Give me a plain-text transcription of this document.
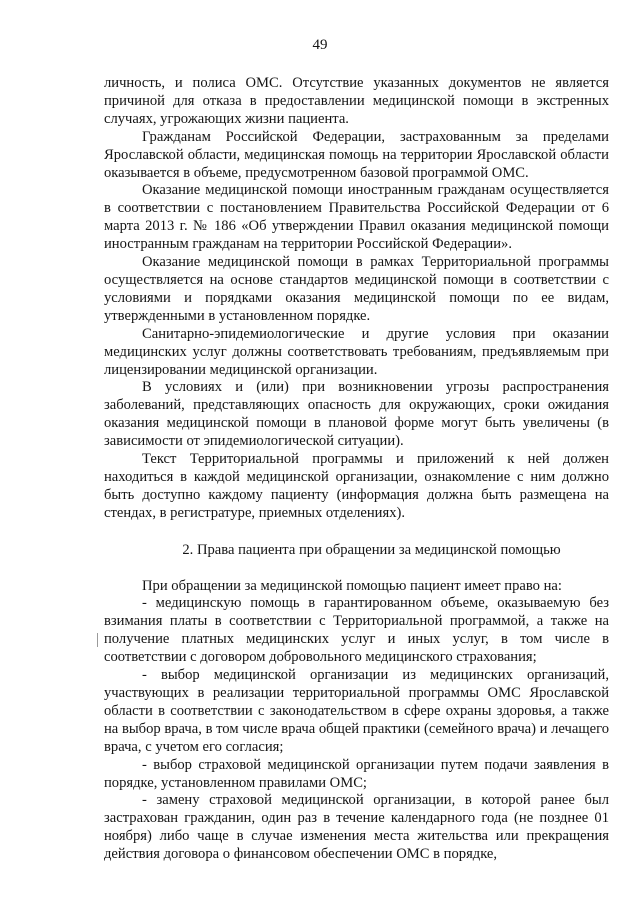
49

личность, и полиса ОМС. Отсутствие указанных документов не является причиной для отказа в предоставлении медицинской помощи в экстренных случаях, угрожающих жизни пациента.

Гражданам Российской Федерации, застрахованным за пределами Ярославской области, медицинская помощь на территории Ярославской области оказывается в объеме, предусмотренном базовой программой ОМС.

Оказание медицинской помощи иностранным гражданам осуществляется в соответствии с постановлением Правительства Российской Федерации от 6 марта 2013 г. № 186 «Об утверждении Правил оказания медицинской помощи иностранным гражданам на территории Российской Федерации».

Оказание медицинской помощи в рамках Территориальной программы осуществляется на основе стандартов медицинской помощи в соответствии с условиями и порядками оказания медицинской помощи по ее видам, утвержденными в установленном порядке.

Санитарно-эпидемиологические и другие условия при оказании медицинских услуг должны соответствовать требованиям, предъявляемым при лицензировании медицинской организации.

В условиях и (или) при возникновении угрозы распространения заболеваний, представляющих опасность для окружающих, сроки ожидания оказания медицинской помощи в плановой форме могут быть увеличены (в зависимости от эпидемиологической ситуации).

Текст Территориальной программы и приложений к ней должен находиться в каждой медицинской организации, ознакомление с ним должно быть доступно каждому пациенту (информация должна быть размещена на стендах, в регистратуре, приемных отделениях).

2. Права пациента при обращении за медицинской помощью

При обращении за медицинской помощью пациент имеет право на:

- медицинскую помощь в гарантированном объеме, оказываемую без взимания платы в соответствии с Территориальной программой, а также на получение платных медицинских услуг и иных услуг, в том числе в соответствии с договором добровольного медицинского страхования;

- выбор медицинской организации из медицинских организаций, участвующих в реализации территориальной программы ОМС Ярославской области в соответствии с законодательством в сфере охраны здоровья, а также на выбор врача, в том числе врача общей практики (семейного врача) и лечащего врача, с учетом его согласия;

- выбор страховой медицинской организации путем подачи заявления в порядке, установленном правилами ОМС;

- замену страховой медицинской организации, в которой ранее был застрахован гражданин, один раз в течение календарного года (не позднее 01 ноября) либо чаще в случае изменения места жительства или прекращения действия договора о финансовом обеспечении ОМС в порядке,
